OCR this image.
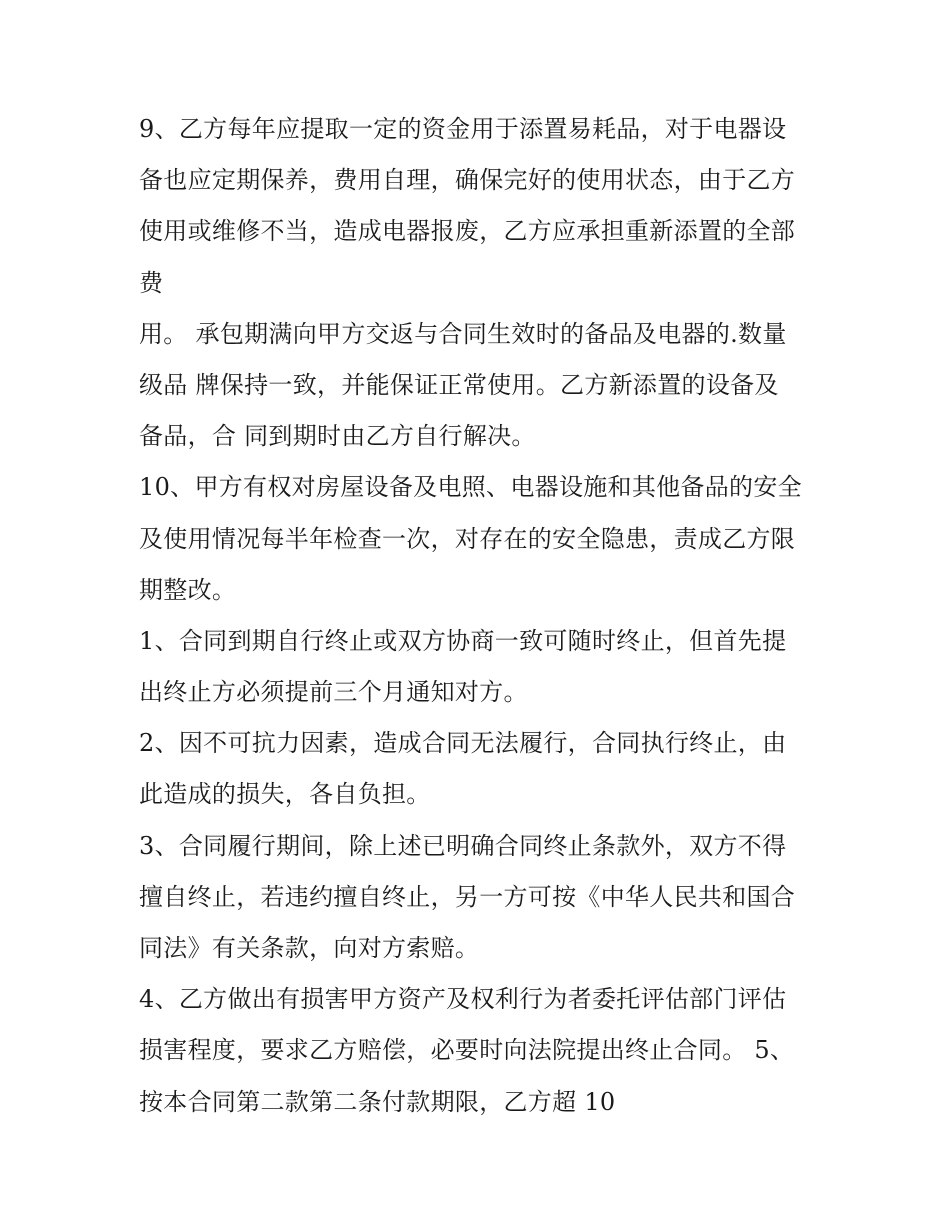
9、乙方每年应提取一定的资金用于添置易耗品，对于电器设
备也应定期保养，费用自理，确保完好的使用状态，由于乙方
使用或维修不当，造成电器报废，乙方应承担重新添置的全部
费
用。 承包期满向甲方交返与合同生效时的备品及电器的.数量
级品 牌保持一致，并能保证正常使用。乙方新添置的设备及
备品，合 同到期时由乙方自行解决。
10、甲方有权对房屋设备及电照、电器设施和其他备品的安全
及使用情况每半年检查一次，对存在的安全隐患，责成乙方限
期整改。
1、合同到期自行终止或双方协商一致可随时终止，但首先提
出终止方必须提前三个月通知对方。
2、因不可抗力因素，造成合同无法履行，合同执行终止，由
此造成的损失，各自负担。
3、合同履行期间，除上述已明确合同终止条款外，双方不得
擅自终止，若违约擅自终止，另一方可按《中华人民共和国合
同法》有关条款，向对方索赔。
4、乙方做出有损害甲方资产及权利行为者委托评估部门评估
损害程度，要求乙方赔偿，必要时向法院提出终止合同。 5、
按本合同第二款第二条付款期限，乙方超 10
